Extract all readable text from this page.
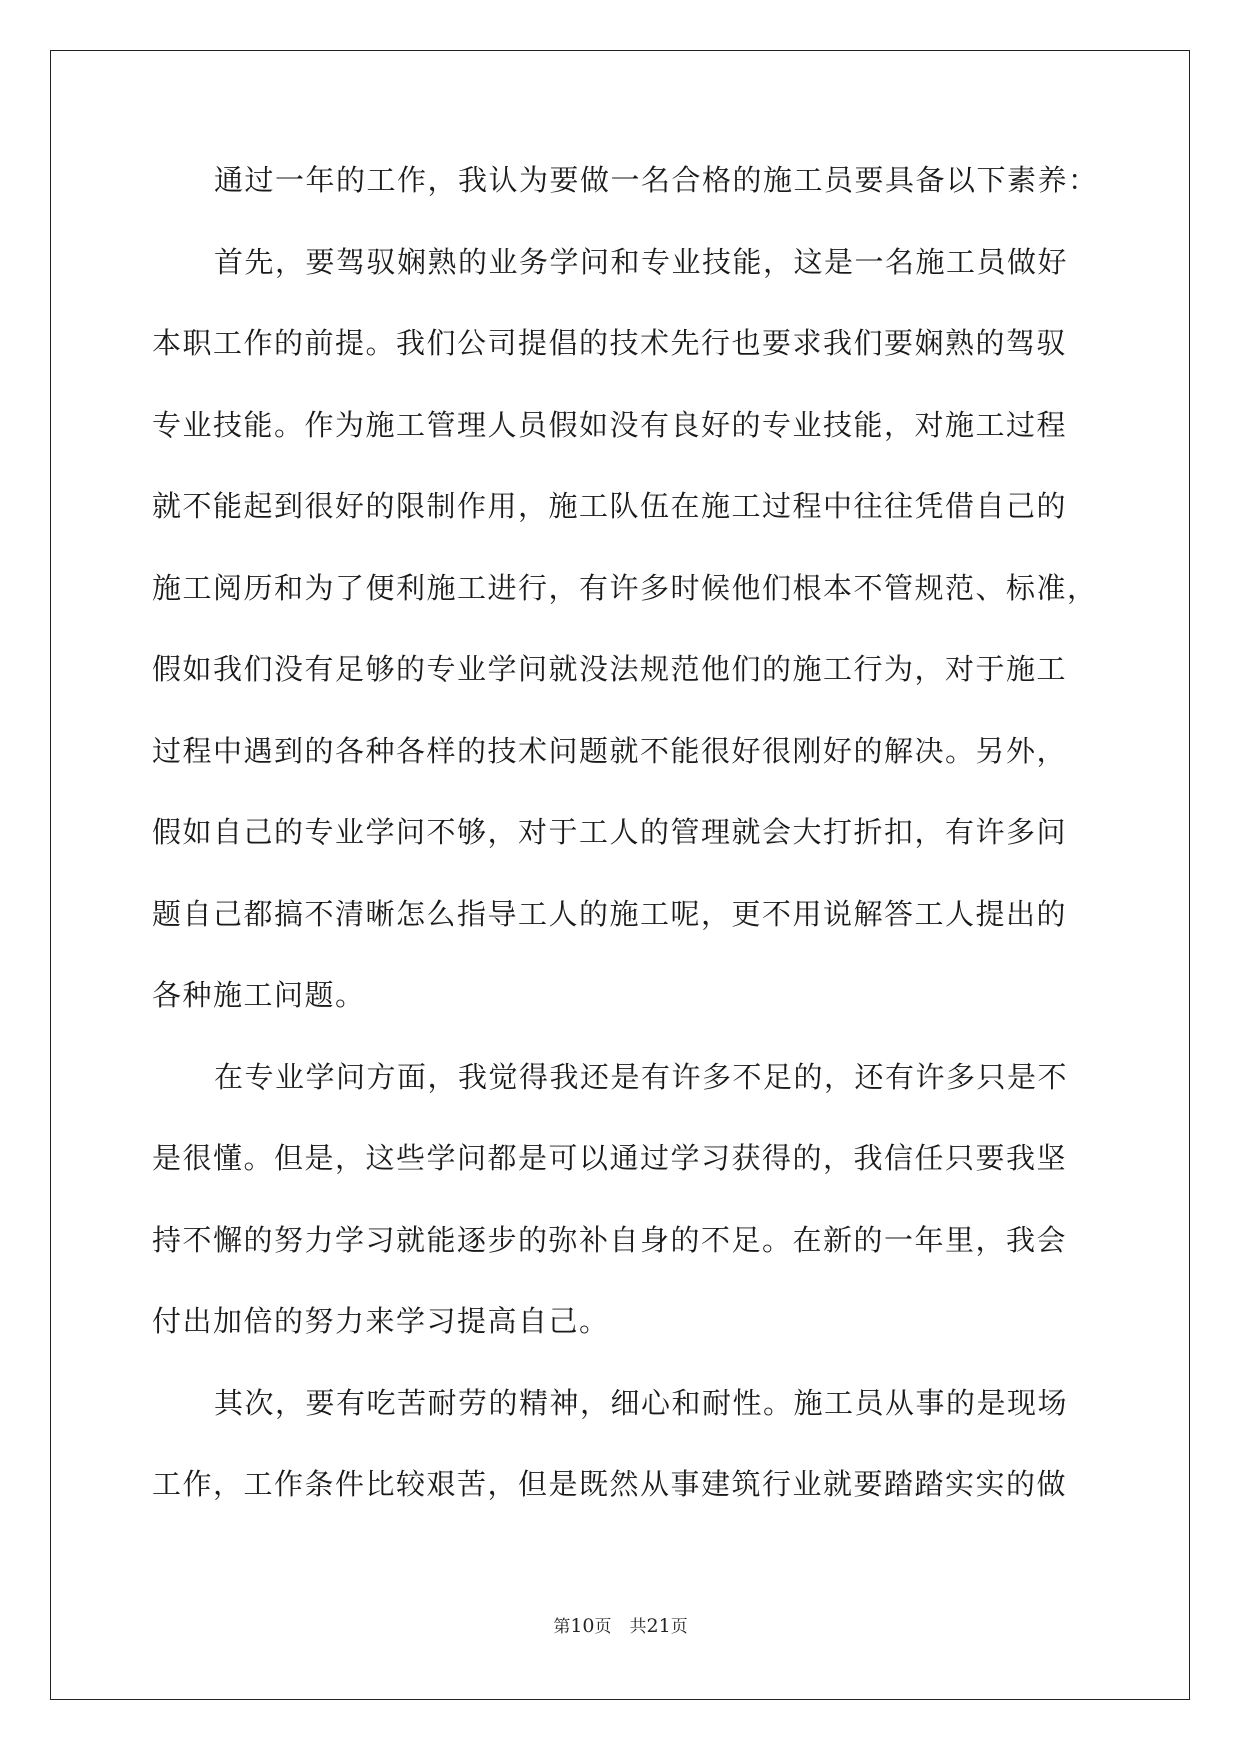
通过一年的工作，我认为要做一名合格的施工员要具备以下素养：
首先，要驾驭娴熟的业务学问和专业技能，这是一名施工员做好
本职工作的前提。我们公司提倡的技术先行也要求我们要娴熟的驾驭
专业技能。作为施工管理人员假如没有良好的专业技能，对施工过程
就不能起到很好的限制作用，施工队伍在施工过程中往往凭借自己的
施工阅历和为了便利施工进行，有许多时候他们根本不管规范、标准，
假如我们没有足够的专业学问就没法规范他们的施工行为，对于施工
过程中遇到的各种各样的技术问题就不能很好很刚好的解决。另外，
假如自己的专业学问不够，对于工人的管理就会大打折扣，有许多问
题自己都搞不清晰怎么指导工人的施工呢，更不用说解答工人提出的
各种施工问题。
在专业学问方面，我觉得我还是有许多不足的，还有许多只是不
是很懂。但是，这些学问都是可以通过学习获得的，我信任只要我坚
持不懈的努力学习就能逐步的弥补自身的不足。在新的一年里，我会
付出加倍的努力来学习提高自己。
其次，要有吃苦耐劳的精神，细心和耐性。施工员从事的是现场
工作，工作条件比较艰苦，但是既然从事建筑行业就要踏踏实实的做
第10页 共21页
